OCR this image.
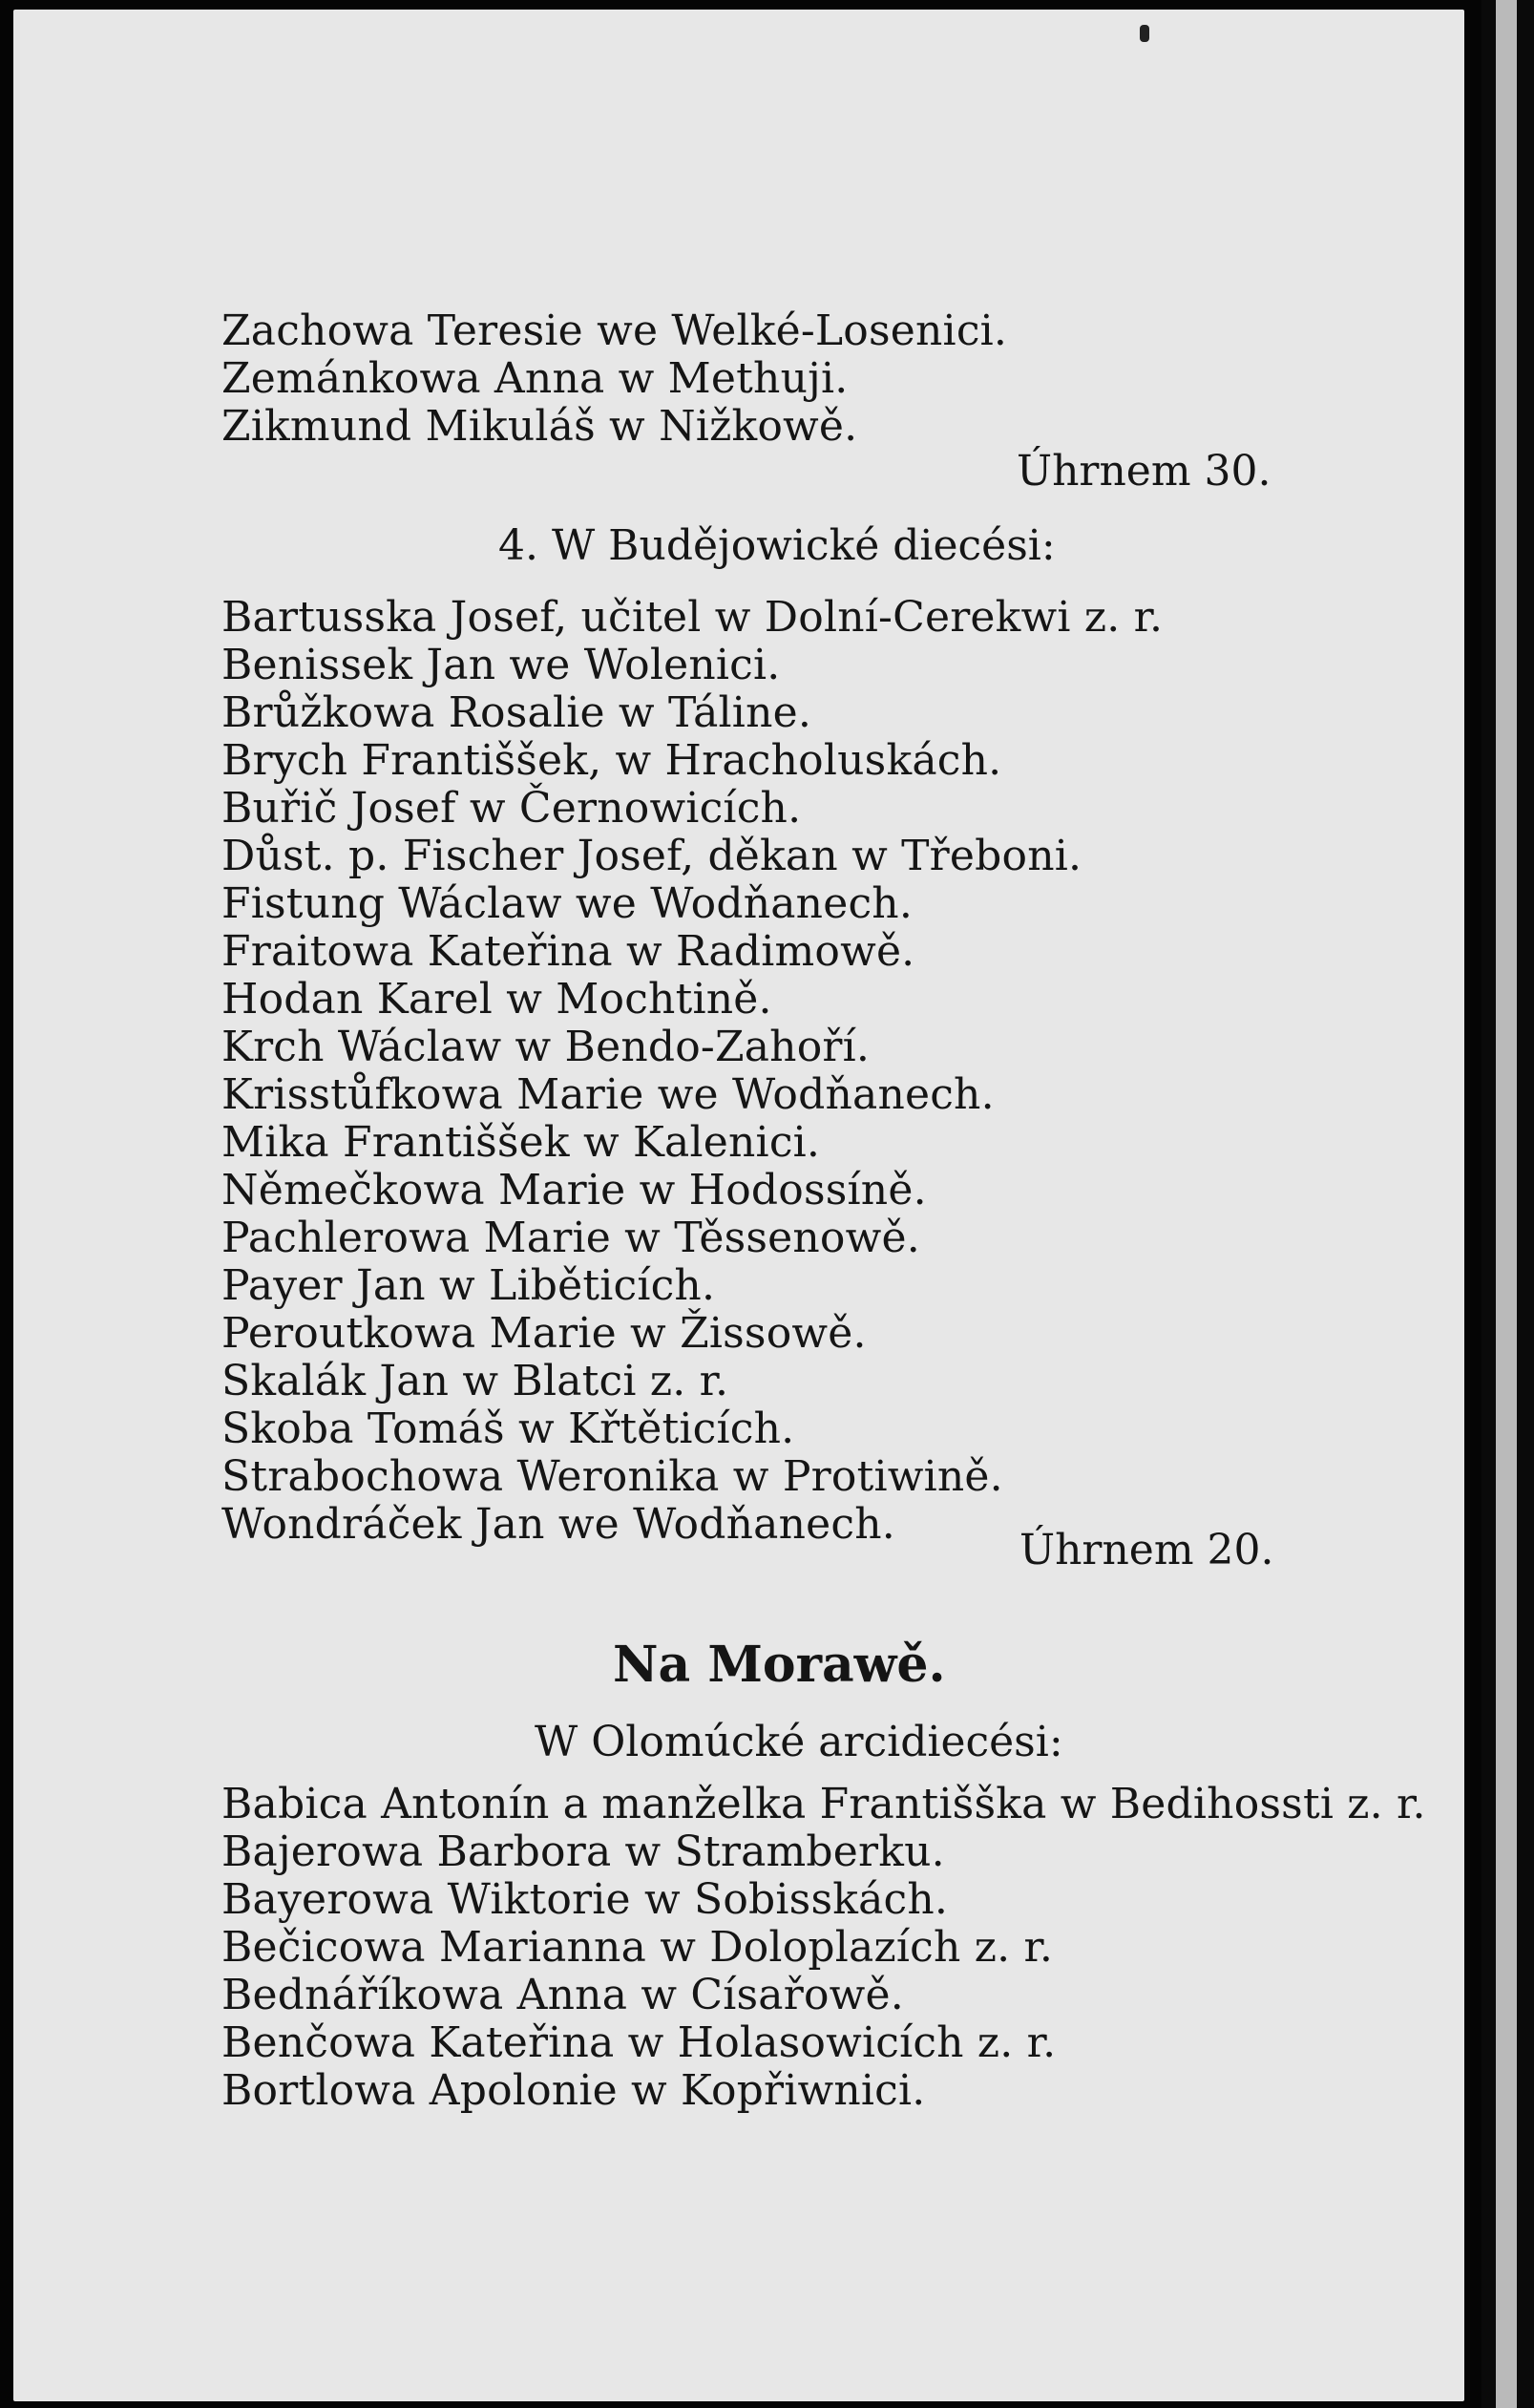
Zachowa Teresie we Welké-Losenici.
Zemánkowa Anna w Methuji.
Zikmund Mikuláš w Nižkowě.
Úhrnem 30.
4. W Budějowické diecési:
Bartusska Josef, učitel w Dolní-Cerekwi z. r.
Benissek Jan we Wolenici.
Brůžkowa Rosalie w Táline.
Brych Františšek, w Hracholuskách.
Buřič Josef w Černowicích.
Důst. p. Fischer Josef, děkan w Třeboni.
Fistung Wáclaw we Wodňanech.
Fraitowa Kateřina w Radimowě.
Hodan Karel w Mochtině.
Krch Wáclaw w Bendo-Zahoří.
Krisstůfkowa Marie we Wodňanech.
Mika Františšek w Kalenici.
Němečkowa Marie w Hodossíně.
Pachlerowa Marie w Těssenowě.
Payer Jan w Liběticích.
Peroutkowa Marie w Žissowě.
Skalák Jan w Blatci z. r.
Skoba Tomáš w Křtěticích.
Strabochowa Weronika w Protiwině.
Wondráček Jan we Wodňanech.
Úhrnem 20.
Na Morawě.
W Olomúcké arcidiecési:
Babica Antonín a manželka Františška w Bedihossti z. r.
Bajerowa Barbora w Stramberku.
Bayerowa Wiktorie w Sobisskách.
Bečicowa Marianna w Doloplazích z. r.
Bednáříkowa Anna w Císařowě.
Benčowa Kateřina w Holasowicích z. r.
Bortlowa Apolonie w Kopřiwnici.
